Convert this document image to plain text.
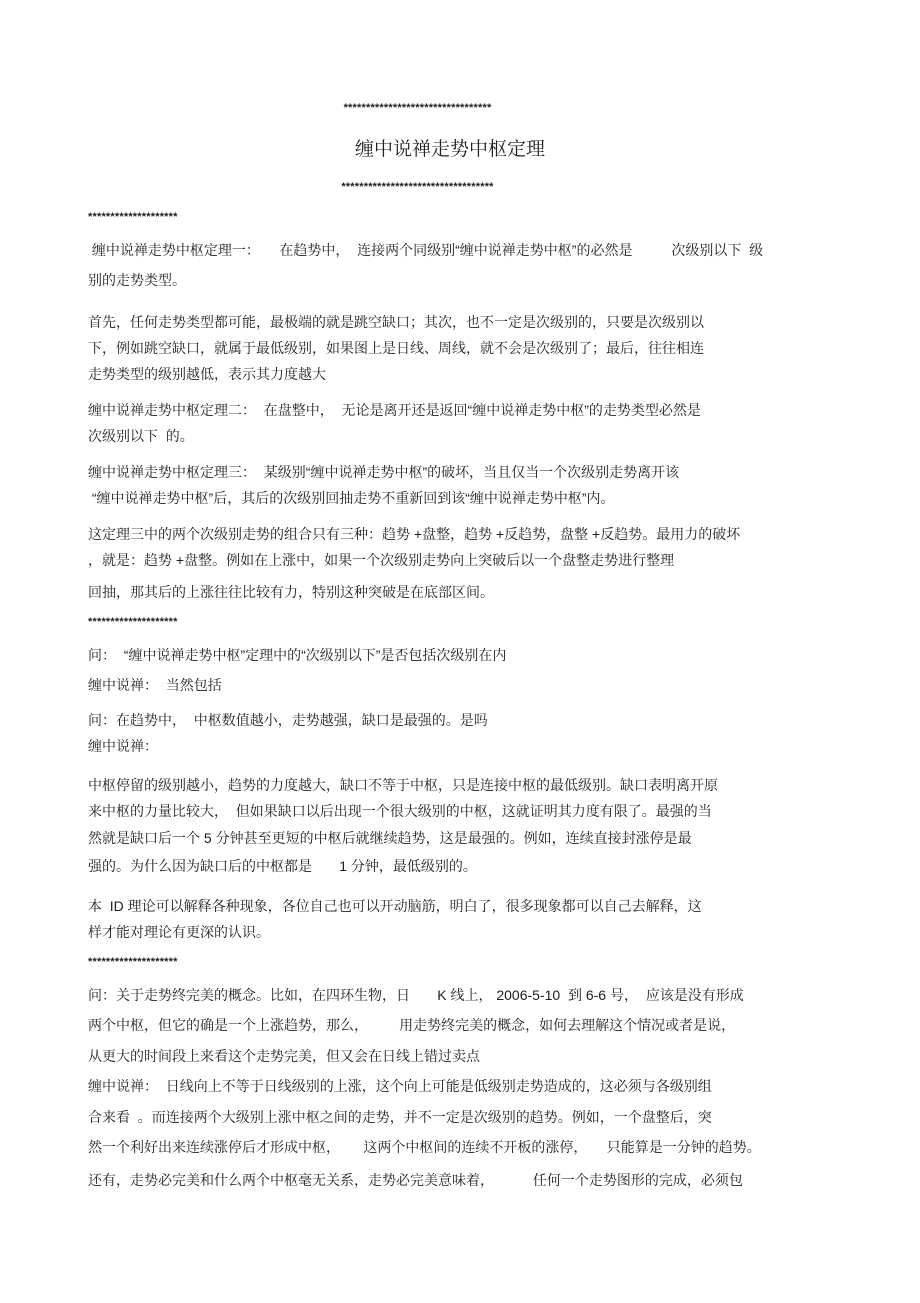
*********************************
缠中说禅走势中枢定理
**********************************
********************
缠中说禅走势中枢定理一：     在趋势中，  连接两个同级别“缠中说禅走势中枢”的必然是          次级别以下  级
别的走势类型。
首先，任何走势类型都可能，最极端的就是跳空缺口；其次，也不一定是次级别的，只要是次级别以
下，例如跳空缺口，就属于最低级别，如果图上是日线、周线，就不会是次级别了；最后，往往相连
走势类型的级别越低，表示其力度越大
缠中说禅走势中枢定理二：  在盘整中，  无论是离开还是返回“缠中说禅走势中枢”的走势类型必然是
次级别以下  的。
缠中说禅走势中枢定理三：  某级别“缠中说禅走势中枢”的破坏，当且仅当一个次级别走势离开该
“缠中说禅走势中枢”后，其后的次级别回抽走势不重新回到该“缠中说禅走势中枢”内。
这定理三中的两个次级别走势的组合只有三种：趋势 +盘整，趋势 +反趋势，盘整 +反趋势。最用力的破坏
，就是：趋势 +盘整。例如在上涨中，如果一个次级别走势向上突破后以一个盘整走势进行整理
回抽，那其后的上涨往往比较有力，特别这种突破是在底部区间。
********************
问：  “缠中说禅走势中枢”定理中的“次级别以下”是否包括次级别在内
缠中说禅：  当然包括
问：在趋势中，  中枢数值越小，走势越强，缺口是最强的。是吗
缠中说禅：
中枢停留的级别越小，趋势的力度越大，缺口不等于中枢，只是连接中枢的最低级别。缺口表明离开原
来中枢的力量比较大，  但如果缺口以后出现一个很大级别的中枢，这就证明其力度有限了。最强的当
然就是缺口后一个 5 分钟甚至更短的中枢后就继续趋势，这是最强的。例如，连续直接封涨停是最
强的。为什么因为缺口后的中枢都是       1 分钟，最低级别的。
本  ID 理论可以解释各种现象，各位自己也可以开动脑筋，明白了，很多现象都可以自己去解释，这
样才能对理论有更深的认识。
********************
问：关于走势终完美的概念。比如，在四环生物，日       K 线上， 2006-5-10  到 6-6 号，  应该是没有形成
两个中枢，但它的确是一个上涨趋势，那么，        用走势终完美的概念，如何去理解这个情况或者是说，
从更大的时间段上来看这个走势完美，但又会在日线上错过卖点
缠中说禅：  日线向上不等于日线级别的上涨，这个向上可能是低级别走势造成的，这必须与各级别组
合来看  。而连接两个大级别上涨中枢之间的走势，并不一定是次级别的趋势。例如，一个盘整后，突
然一个利好出来连续涨停后才形成中枢，      这两个中枢间的连续不开板的涨停，     只能算是一分钟的趋势。
还有，走势必完美和什么两个中枢毫无关系，走势必完美意味着，          任何一个走势图形的完成，必须包
